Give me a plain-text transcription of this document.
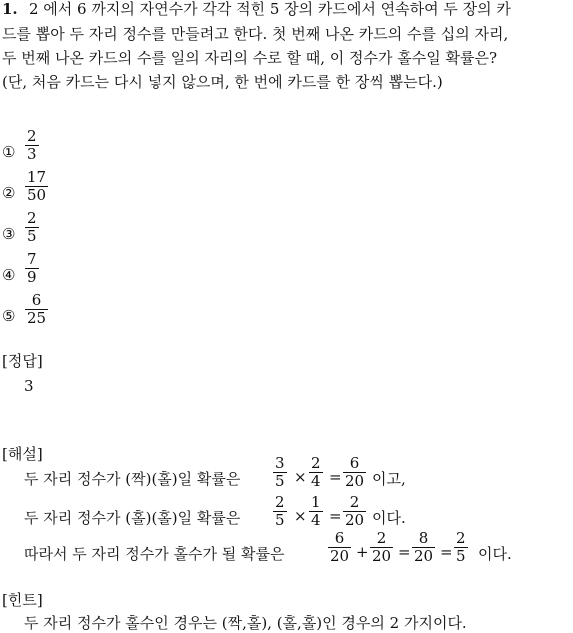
1. 2 에서 6 까지의 자연수가 각각 적힌 5 장의 카드에서 연속하여 두 장의 카
드를 뽑아 두 자리 정수를 만들려고 한다. 첫 번째 나온 카드의 수를 십의 자리,
두 번째 나온 카드의 수를 일의 자리의 수로 할 때, 이 정수가 홀수일 확률은?
(단, 처음 카드는 다시 넣지 않으며, 한 번에 카드를 한 장씩 뽑는다.)
①
2
3
②
17
50
③
2
5
④
7
9
⑤
6
25
[정답]
3
[해설]
두 자리 정수가 (짝)(홀)일 확률은
3
5 ×
2
4 =
6
20 이고,
두 자리 정수가 (홀)(홀)일 확률은
2
5 ×
1
4 =
2
20 이다.
따라서 두 자리 정수가 홀수가 될 확률은
6
20 +
2
20 =
8
20 =
2
5 이다.
[힌트]
두 자리 정수가 홀수인 경우는 (짝,홀), (홀,홀)인 경우의 2 가지이다.
